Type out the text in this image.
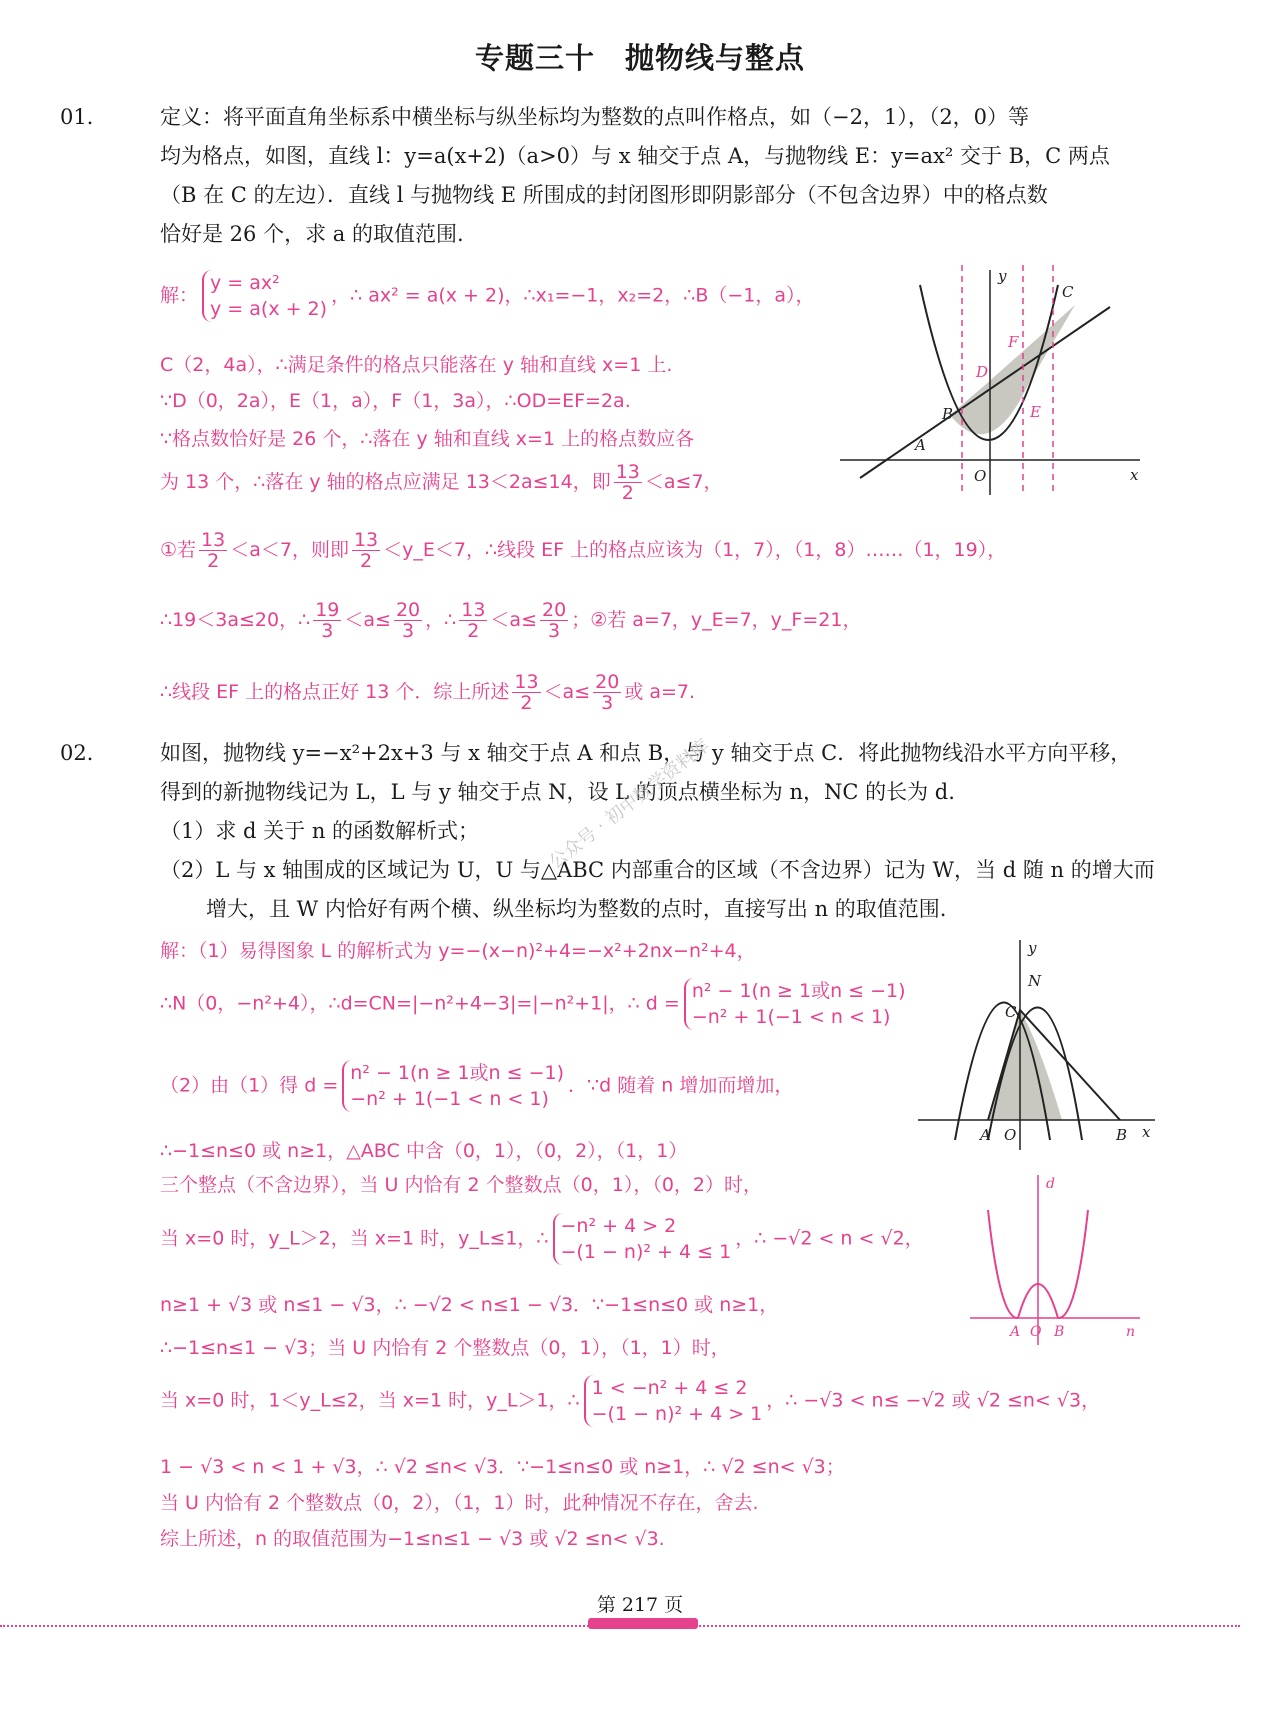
专题三十　抛物线与整点
01． 定义：将平面直角坐标系中横坐标与纵坐标均为整数的点叫作格点，如（−2，1），（2，0）等
均为格点，如图，直线 l：y=a(x+2)（a>0）与 x 轴交于点 A，与抛物线 E：y=ax² 交于 B，C 两点
（B 在 C 的左边）．直线 l 与抛物线 E 所围成的封闭图形即阴影部分（不包含边界）中的格点数
恰好是 26 个，求 a 的取值范围.
解：
y = ax²
y = a(x + 2)
，∴ ax² = a(x + 2)，∴x₁=−1，x₂=2，∴B（−1，a），
C（2，4a），∴满足条件的格点只能落在 y 轴和直线 x=1 上.
∵D（0，2a），E（1，a），F（1，3a），∴OD=EF=2a.
∵格点数恰好是 26 个，∴落在 y 轴和直线 x=1 上的格点数应各
为 13 个，∴落在 y 轴的格点应满足 13＜2a≤14，即 $\frac{13}{2} <a\le 7$，
①若 $\frac{13}{2} <a<7$，则即 $\frac{13}{2}$ ＜y_E＜7，∴线段 EF 上的格点应该为（1，7），（1，8）……（1，19），
∴19＜3a≤20，∴ $\frac{19}{3} <a\le \frac{20}{3}$ ，∴ $\frac{13}{2} <a\le \frac{20}{3}$ ；②若 a=7，y_E=7，y_F=21，
∴线段 EF 上的格点正好 13 个．综上所述 $\frac{13}{2} <a\le \frac{20}{3}$ 或 a=7.
y
x
O
A
B
C
D
E
F
02． 如图，抛物线 y=−x²+2x+3 与 x 轴交于点 A 和点 B，与 y 轴交于点 C．将此抛物线沿水平方向平移，
得到的新抛物线记为 L，L 与 y 轴交于点 N，设 L 的顶点横坐标为 n，NC 的长为 d.
（1）求 d 关于 n 的函数解析式；
（2）L 与 x 轴围成的区域记为 U，U 与△ABC 内部重合的区域（不含边界）记为 W，当 d 随 n 的增大而增大，且 W 内恰好有两个横、纵坐标均为整数的点时，直接写出 n 的取值范围.
公众号 · 初中数学资料库
解：（1）易得图象 L 的解析式为 y=−(x−n)²+4=−x²+2nx−n²+4，
∴N（0，−n²+4），∴d=CN=|−n²+4−3|=|−n²+1|，∴ d =
n² − 1(n ≥ 1或n ≤ −1)
−n² + 1(−1 < n < 1)
（2）由（1）得 d =
n² − 1(n ≥ 1或n ≤ −1)
−n² + 1(−1 < n < 1)
．∵d 随着 n 增加而增加，
∴−1≤n≤0 或 n≥1，△ABC 中含（0，1），（0，2），（1，1）
三个整点（不含边界），当 U 内恰有 2 个整数点（0，1），（0，2）时，
当 x=0 时，y_L＞2，当 x=1 时，y_L≤1，∴
−n² + 4 > 2
−(1 − n)² + 4 ≤ 1
，∴ −√2 < n < √2，
n≥1 + √3 或 n≤1 − √3，∴ −√2 < n≤1 − √3．∵−1≤n≤0 或 n≥1，
∴−1≤n≤1 − √3；当 U 内恰有 2 个整数点（0，1），（1，1）时，
当 x=0 时，1＜y_L≤2，当 x=1 时，y_L＞1，∴
1 < −n² + 4 ≤ 2
−(1 − n)² + 4 > 1
，∴ −√3 < n≤ −√2 或 √2 ≤n< √3，
1 − √3 < n < 1 + √3，∴ √2 ≤n< √3．∵−1≤n≤0 或 n≥1，∴ √2 ≤n< √3；
当 U 内恰有 2 个整数点（0，2），（1，1）时，此种情况不存在，舍去.
综上所述，n 的取值范围为−1≤n≤1 − √3 或 √2 ≤n< √3.
y
x
N
C
A O	B
d
n
A O B
第 217 页
